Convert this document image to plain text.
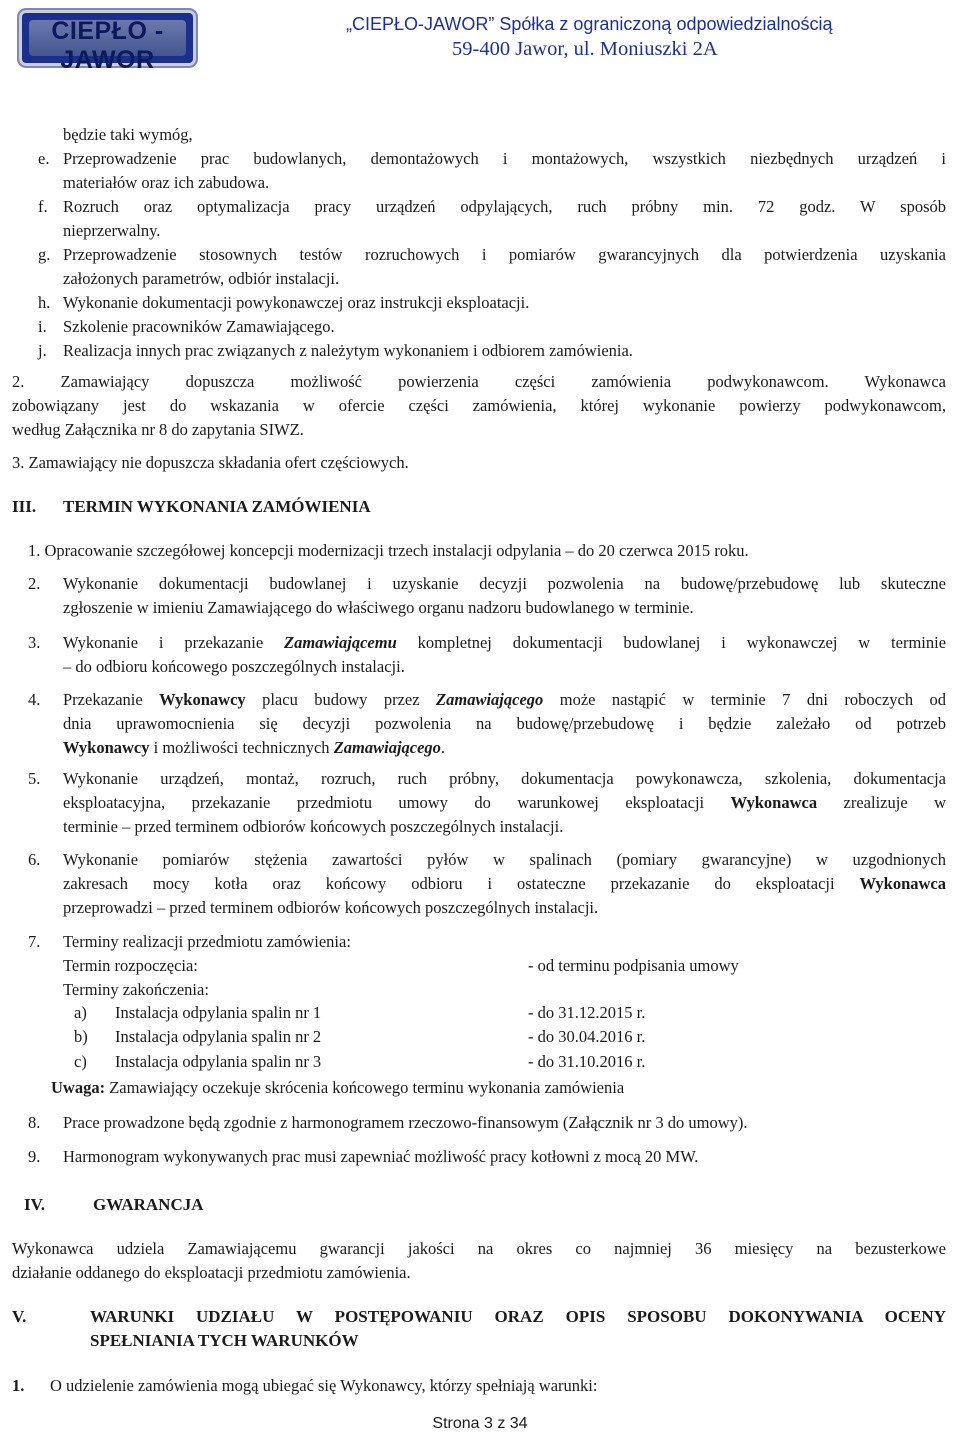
CIEPŁO - JAWOR
„CIEPŁO-JAWOR” Spółka z ograniczoną odpowiedzialnością
59-400 Jawor, ul. Moniuszki 2A
będzie taki wymóg,
e. Przeprowadzenie prac budowlanych, demontażowych i montażowych, wszystkich niezbędnych urządzeń i
materiałów oraz ich zabudowa.
f. Rozruch oraz optymalizacja pracy urządzeń odpylających, ruch próbny min. 72 godz. W sposób
nieprzerwalny.
g. Przeprowadzenie stosownych testów rozruchowych i pomiarów gwarancyjnych dla potwierdzenia uzyskania
założonych parametrów, odbiór instalacji.
h. Wykonanie dokumentacji powykonawczej oraz instrukcji eksploatacji.
i. Szkolenie pracowników Zamawiającego.
j. Realizacja innych prac związanych z należytym wykonaniem i odbiorem zamówienia.
2. Zamawiający dopuszcza możliwość powierzenia części zamówienia podwykonawcom. Wykonawca
zobowiązany jest do wskazania w ofercie części zamówienia, której wykonanie powierzy podwykonawcom,
według Załącznika nr 8 do zapytania SIWZ.
3. Zamawiający nie dopuszcza składania ofert częściowych.
III. TERMIN WYKONANIA ZAMÓWIENIA
1. Opracowanie szczegółowej koncepcji modernizacji trzech instalacji odpylania – do 20 czerwca 2015 roku.
2. Wykonanie dokumentacji budowlanej i uzyskanie decyzji pozwolenia na budowę/przebudowę lub skuteczne
zgłoszenie w imieniu Zamawiającego do właściwego organu nadzoru budowlanego w terminie.
3. Wykonanie i przekazanie Zamawiającemu kompletnej dokumentacji budowlanej i wykonawczej w terminie
– do odbioru końcowego poszczególnych instalacji.
4. Przekazanie Wykonawcy placu budowy przez Zamawiającego może nastąpić w terminie 7 dni roboczych od
dnia uprawomocnienia się decyzji pozwolenia na budowę/przebudowę i będzie zależało od potrzeb
Wykonawcy i możliwości technicznych Zamawiającego.
5. Wykonanie urządzeń, montaż, rozruch, ruch próbny, dokumentacja powykonawcza, szkolenia, dokumentacja
eksploatacyjna, przekazanie przedmiotu umowy do warunkowej eksploatacji Wykonawca zrealizuje w
terminie – przed terminem odbiorów końcowych poszczególnych instalacji.
6. Wykonanie pomiarów stężenia zawartości pyłów w spalinach (pomiary gwarancyjne) w uzgodnionych
zakresach mocy kotła oraz końcowy odbioru i ostateczne przekazanie do eksploatacji Wykonawca
przeprowadzi – przed terminem odbiorów końcowych poszczególnych instalacji.
7. Terminy realizacji przedmiotu zamówienia:
Termin rozpoczęcia:	- od terminu podpisania umowy
Terminy zakończenia:
a) Instalacja odpylania spalin nr 1	- do 31.12.2015 r.
b) Instalacja odpylania spalin nr 2	- do 30.04.2016 r.
c) Instalacja odpylania spalin nr 3	- do 31.10.2016 r.
Uwaga: Zamawiający oczekuje skrócenia końcowego terminu wykonania zamówienia
8. Prace prowadzone będą zgodnie z harmonogramem rzeczowo-finansowym (Załącznik nr 3 do umowy).
9. Harmonogram wykonywanych prac musi zapewniać możliwość pracy kotłowni z mocą 20 MW.
IV.	GWARANCJA
Wykonawca udziela Zamawiającemu gwarancji jakości na okres co najmniej 36 miesięcy na bezusterkowe
działanie oddanego do eksploatacji przedmiotu zamówienia.
V.	WARUNKI UDZIAŁU W POSTĘPOWANIU ORAZ OPIS SPOSOBU DOKONYWANIA OCENY
SPEŁNIANIA TYCH WARUNKÓW
1. O udzielenie zamówienia mogą ubiegać się Wykonawcy, którzy spełniają warunki:
Strona 3 z 34
